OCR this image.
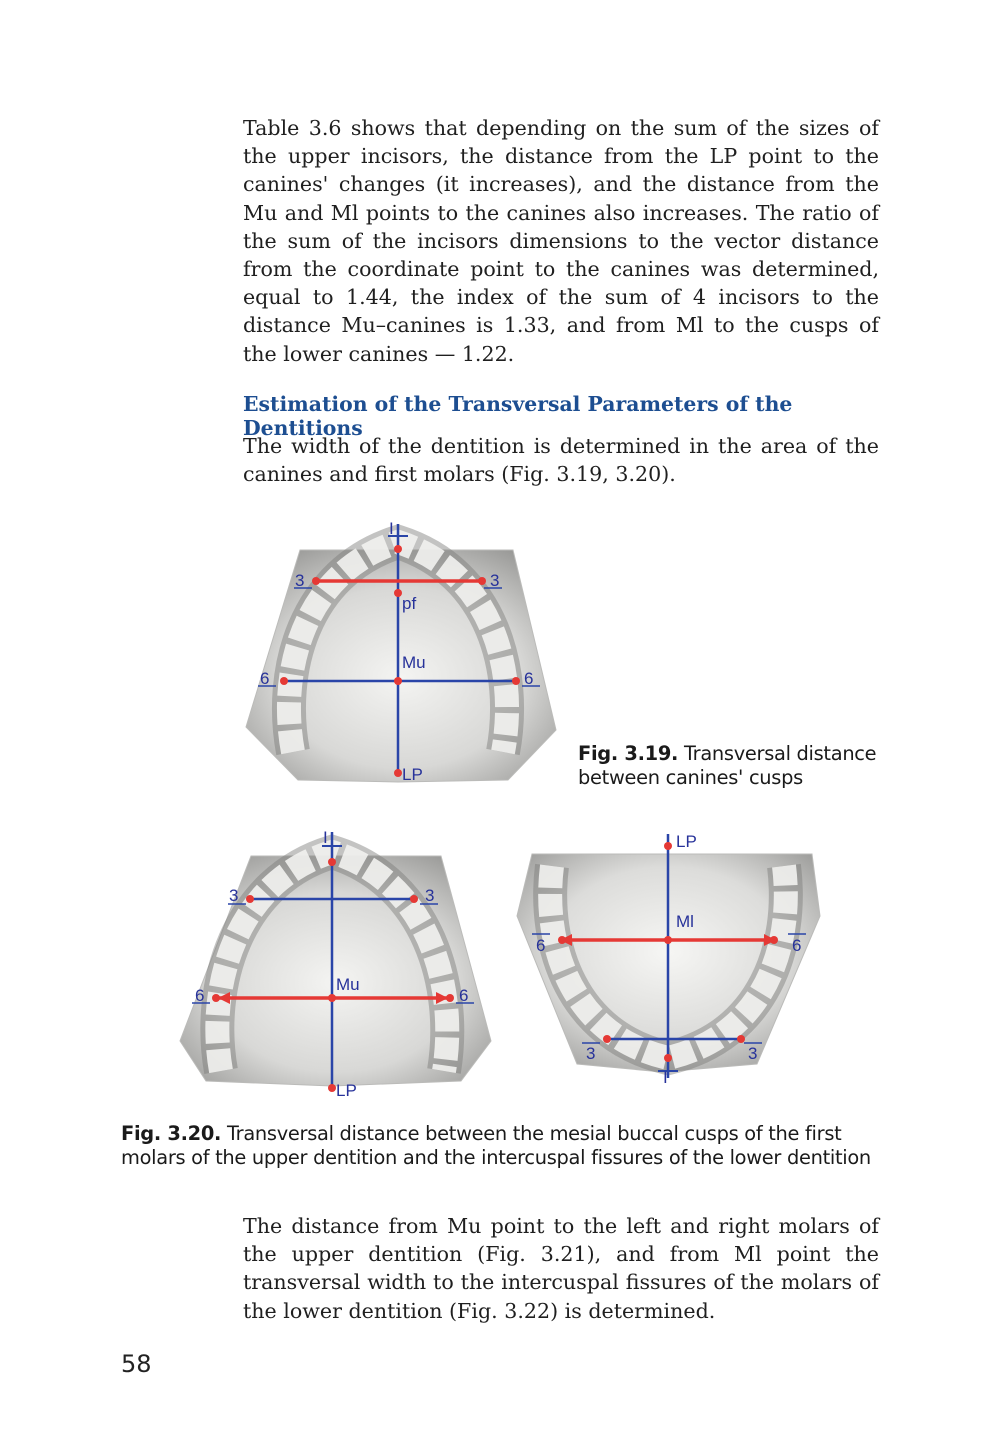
Table 3.6 shows that depending on the sum of the sizes of the upper incisors, the distance from the LP point to the canines' changes (it increases), and the distance from the Mu and Ml points to the canines also increases. The ratio of the sum of the incisors dimensions to the vector distance from the coordinate point to the canines was determined, equal to 1.44, the index of the sum of 4 incisors to the distance Mu–canines is 1.33, and from Ml to the cusps of the lower canines — 1.22.

Estimation of the Transversal Parameters of the Dentitions

The width of the dentition is determined in the area of the canines and first molars (Fig. 3.19, 3.20).

I
3	3
pf
Mu
6	6
LP

Fig. 3.19. Transversal distance between canines' cusps

I
3	3
Mu
6	6
LP
LP
Ml
6	6
3	3
I

Fig. 3.20. Transversal distance between the mesial buccal cusps of the first molars of the upper dentition and the intercuspal fissures of the lower dentition

The distance from Mu point to the left and right molars of the upper dentition (Fig. 3.21), and from Ml point the transversal width to the intercuspal fissures of the molars of the lower dentition (Fig. 3.22) is determined.

58
